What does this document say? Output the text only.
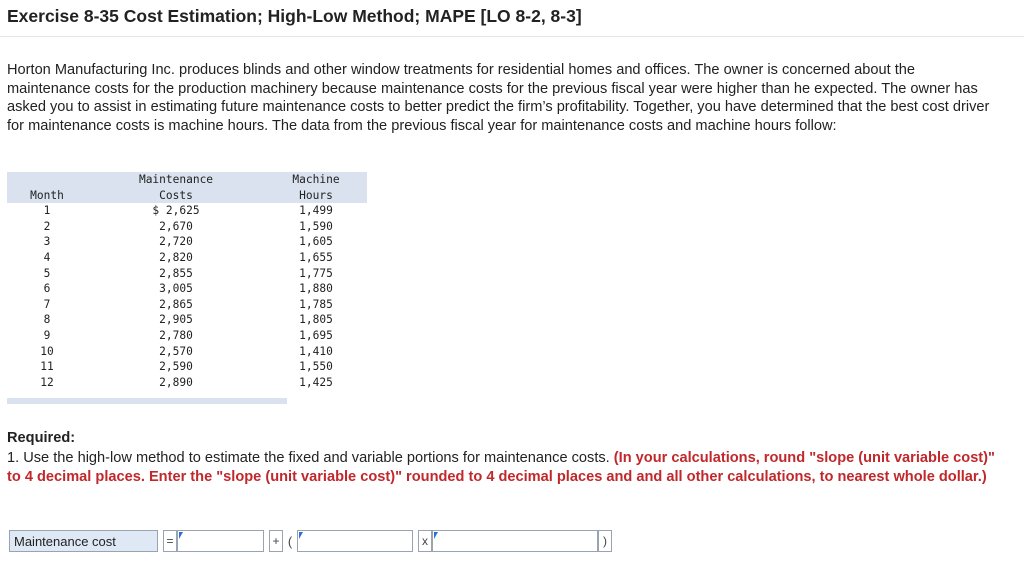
Exercise 8-35 Cost Estimation; High-Low Method; MAPE [LO 8-2, 8-3]
Horton Manufacturing Inc. produces blinds and other window treatments for residential homes and offices. The owner is concerned about the maintenance costs for the production machinery because maintenance costs for the previous fiscal year were higher than he expected. The owner has asked you to assist in estimating future maintenance costs to better predict the firm’s profitability. Together, you have determined that the best cost driver for maintenance costs is machine hours. The data from the previous fiscal year for maintenance costs and machine hours follow:
	Maintenance	Machine
Month	Costs	Hours
1	$ 2,625	1,499
2	2,670	1,590
3	2,720	1,605
4	2,820	1,655
5	2,855	1,775
6	3,005	1,880
7	2,865	1,785
8	2,905	1,805
9	2,780	1,695
10	2,570	1,410
11	2,590	1,550
12	2,890	1,425
Required:
1. Use the high-low method to estimate the fixed and variable portions for maintenance costs. (In your calculations, round "slope (unit variable cost)" to 4 decimal places. Enter the "slope (unit variable cost)" rounded to 4 decimal places and and all other calculations, to nearest whole dollar.)
Maintenance cost	=	+ (	x	)
